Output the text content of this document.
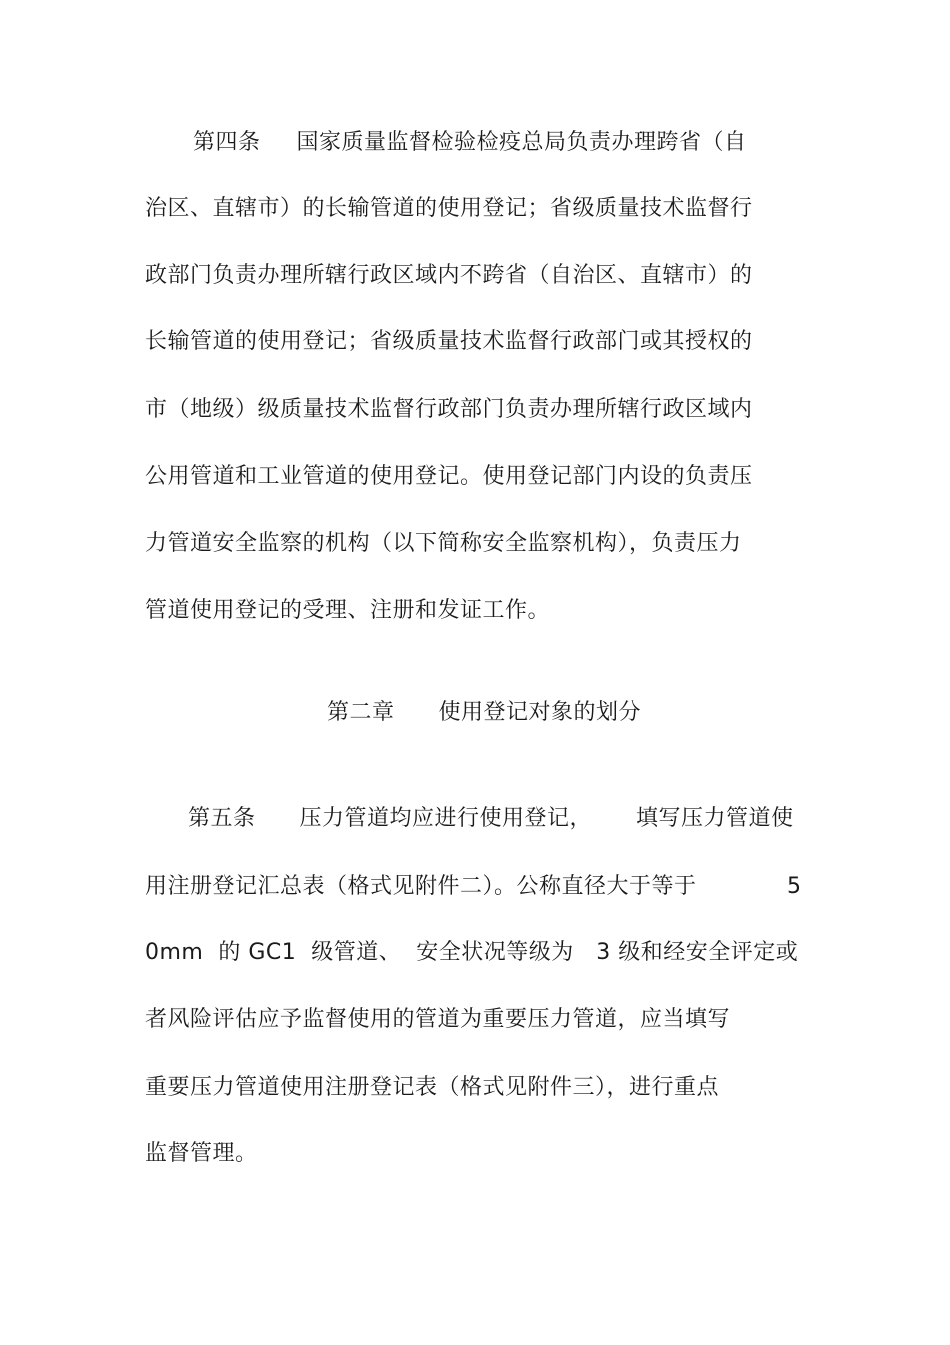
第四条 国家质量监督检验检疫总局负责办理跨省（自
治区、直辖市）的长输管道的使用登记；省级质量技术监督行
政部门负责办理所辖行政区域内不跨省（自治区、直辖市）的
长输管道的使用登记；省级质量技术监督行政部门或其授权的
市（地级）级质量技术监督行政部门负责办理所辖行政区域内
公用管道和工业管道的使用登记。使用登记部门内设的负责压
力管道安全监察的机构（以下简称安全监察机构），负责压力
管道使用登记的受理、注册和发证工作。
第二章 使用登记对象的划分
第五条 压力管道均应进行使用登记， 填写压力管道使
用注册登记汇总表（格式见附件二）。公称直径大于等于	5
0mm 的 GC1 级管道、 安全状况等级为 3 级和经安全评定或
者风险评估应予监督使用的管道为重要压力管道，应当填写
重要压力管道使用注册登记表（格式见附件三），进行重点
监督管理。
